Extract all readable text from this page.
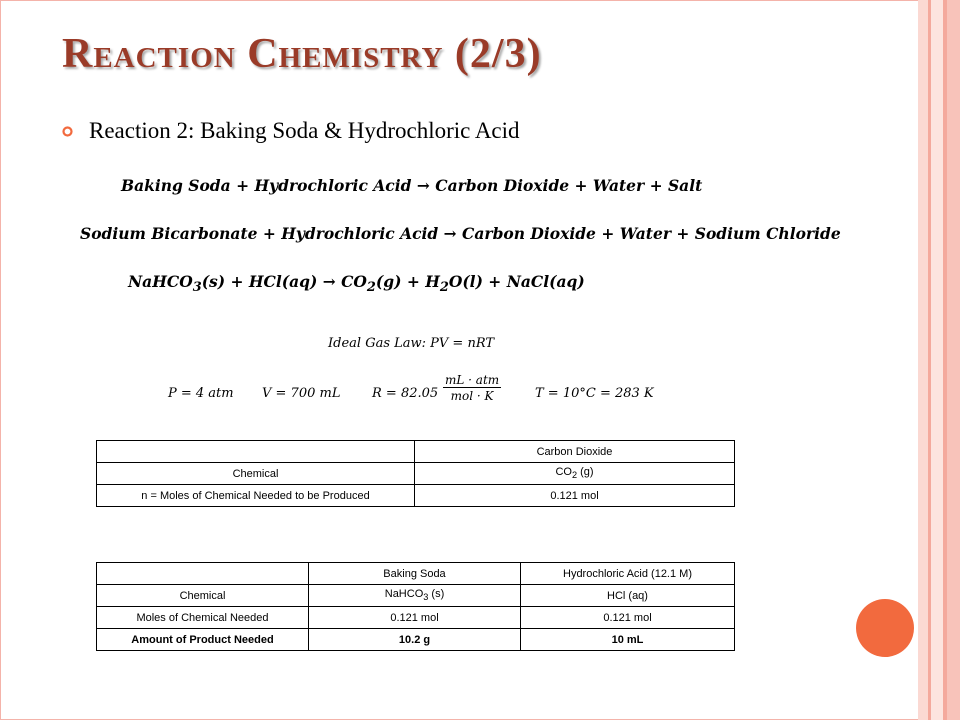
Reaction Chemistry (2/3)
Reaction 2: Baking Soda & Hydrochloric Acid
Baking Soda + Hydrochloric Acid → Carbon Dioxide + Water + Salt
Sodium Bicarbonate + Hydrochloric Acid → Carbon Dioxide + Water + Sodium Chloride
NaHCO$_3$(s) + $HCl(aq) \to CO_2(g) + H_2O(l)$ + NaCl(aq)
Ideal Gas Law: PV = nRT
P = 4 atm V = 700 mL R = 82.05
mL · atm
mol · K	T = 10°C = 283 K
	Carbon Dioxide
Chemical	$CO_2$ (g)
n = Moles of Chemical Needed to be Produced	0.121 mol
	Baking Soda	Hydrochloric Acid (12.1 M)
Chemical	NaHCO$_3$ (s)	HCl (aq)
Moles of Chemical Needed	0.121 mol	0.121 mol
Amount of Product Needed	10.2 g	10 mL
